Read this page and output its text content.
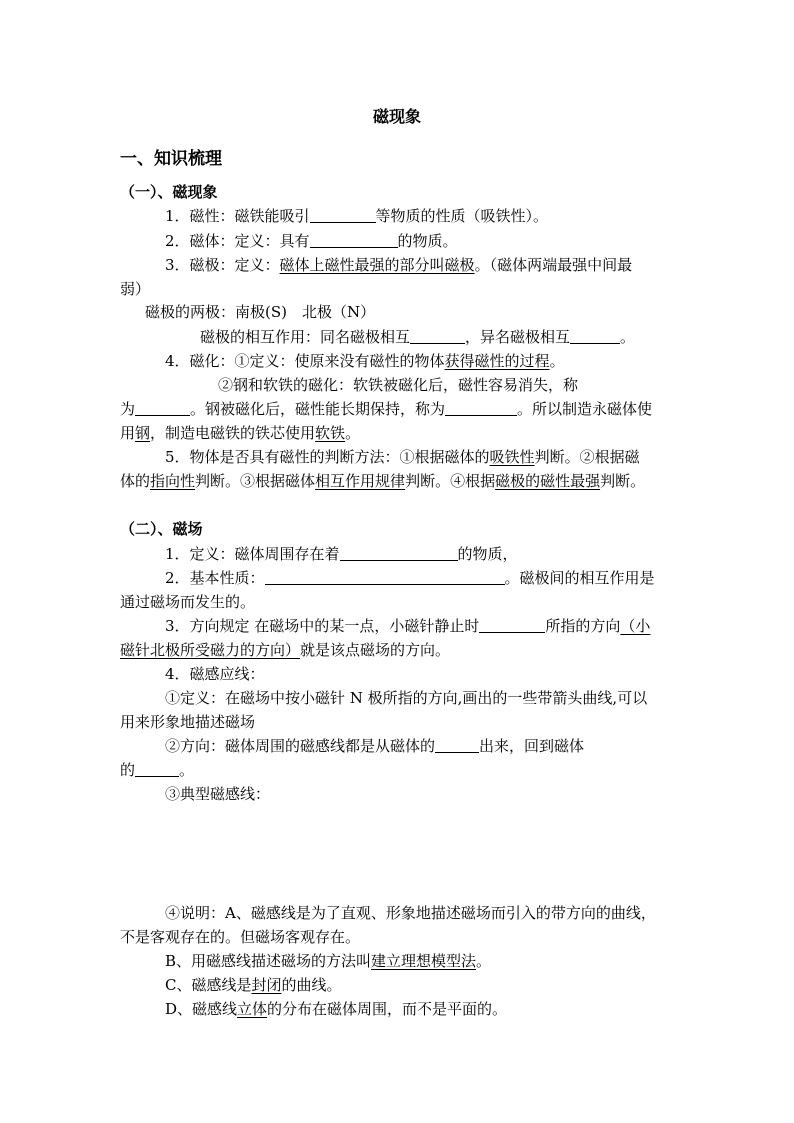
磁现象
一、知识梳理
（一）、磁现象
1．磁性：磁铁能吸引	等物质的性质（吸铁性）。
2．磁体：定义：具有	的物质。
3．磁极：定义：磁体上磁性最强的部分叫磁极。（磁体两端最强中间最
弱）
磁极的两极：南极(S)　北极（N）
磁极的相互作用：同名磁极相互	，异名磁极相互	。
4．磁化：①定义：使原来没有磁性的物体获得磁性的过程。
②钢和软铁的磁化：软铁被磁化后，磁性容易消失，称
为	。钢被磁化后，磁性能长期保持，称为	。所以制造永磁体使
用钢，制造电磁铁的铁芯使用软铁。
5．物体是否具有磁性的判断方法：①根据磁体的吸铁性判断。②根据磁
体的指向性判断。③根据磁体相互作用规律判断。④根据磁极的磁性最强判断。
（二）、磁场
1．定义：磁体周围存在着	的物质，
2．基本性质：	。磁极间的相互作用是
通过磁场而发生的。
3．方向规定 在磁场中的某一点，小磁针静止时	所指的方向（小
磁针北极所受磁力的方向）就是该点磁场的方向。
4．磁感应线：
①定义：在磁场中按小磁针 N 极所指的方向,画出的一些带箭头曲线,可以
用来形象地描述磁场
②方向：磁体周围的磁感线都是从磁体的	出来，回到磁体
的	。
③典型磁感线：
④说明：A、磁感线是为了直观、形象地描述磁场而引入的带方向的曲线，
不是客观存在的。但磁场客观存在。
B、用磁感线描述磁场的方法叫建立理想模型法。
C、磁感线是封闭的曲线。
D、磁感线立体的分布在磁体周围，而不是平面的。
